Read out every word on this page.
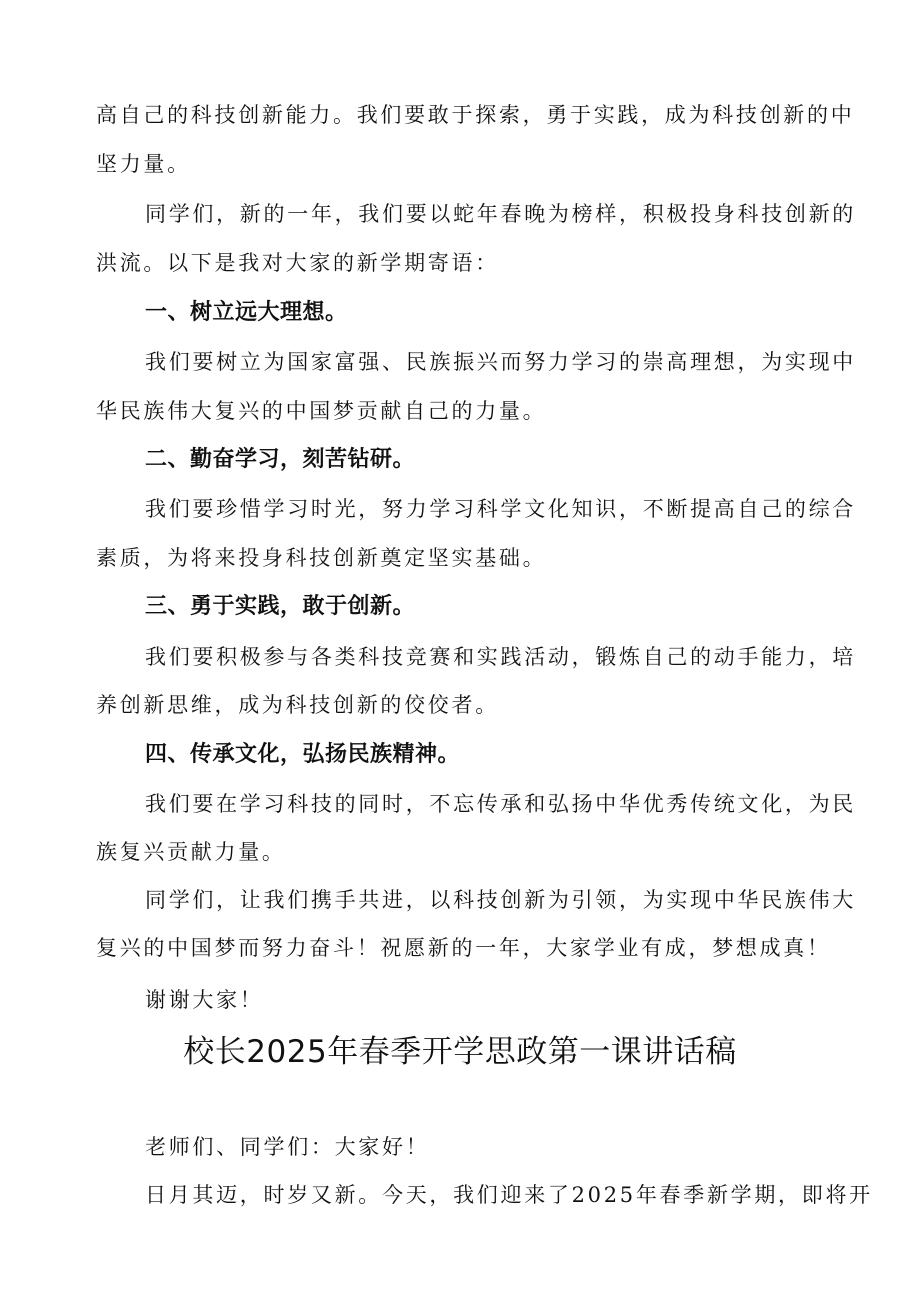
高自己的科技创新能力。我们要敢于探索，勇于实践，成为科技创新的中
坚力量。
同学们，新的一年，我们要以蛇年春晚为榜样，积极投身科技创新的
洪流。以下是我对大家的新学期寄语：
一、树立远大理想。
我们要树立为国家富强、民族振兴而努力学习的崇高理想，为实现中
华民族伟大复兴的中国梦贡献自己的力量。
二、勤奋学习，刻苦钻研。
我们要珍惜学习时光，努力学习科学文化知识，不断提高自己的综合
素质，为将来投身科技创新奠定坚实基础。
三、勇于实践，敢于创新。
我们要积极参与各类科技竞赛和实践活动，锻炼自己的动手能力，培
养创新思维，成为科技创新的佼佼者。
四、传承文化，弘扬民族精神。
我们要在学习科技的同时，不忘传承和弘扬中华优秀传统文化，为民
族复兴贡献力量。
同学们，让我们携手共进，以科技创新为引领，为实现中华民族伟大
复兴的中国梦而努力奋斗！祝愿新的一年，大家学业有成，梦想成真！
谢谢大家！
校长2025年春季开学思政第一课讲话稿
老师们、同学们：大家好！
日月其迈，时岁又新。今天，我们迎来了2025年春季新学期，即将开
